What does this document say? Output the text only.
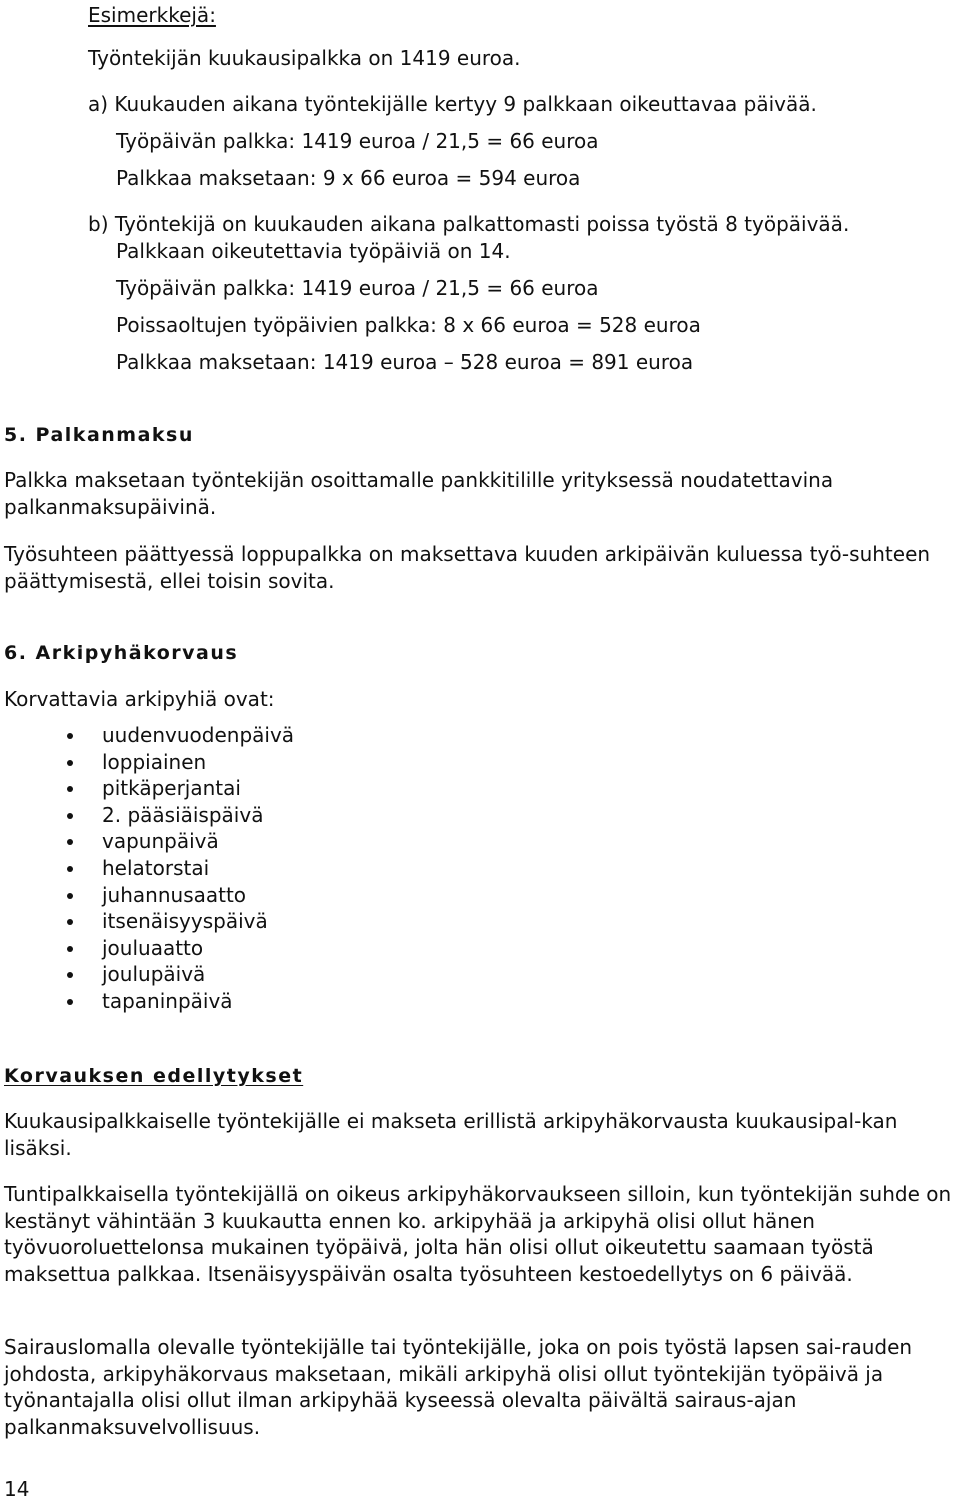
Esimerkkejä:
Työntekijän kuukausipalkka on 1419 euroa.
a) Kuukauden aikana työntekijälle kertyy 9 palkkaan oikeuttavaa päivää.
Työpäivän palkka: 1419 euroa / 21,5 = 66 euroa
Palkkaa maksetaan: 9 x 66 euroa = 594 euroa
b) Työntekijä on kuukauden aikana palkattomasti poissa työstä 8 työpäivää.
Palkkaan oikeutettavia työpäiviä on 14.
Työpäivän palkka: 1419 euroa / 21,5 = 66 euroa
Poissaoltujen työpäivien palkka: 8 x 66 euroa = 528 euroa
Palkkaa maksetaan: 1419 euroa – 528 euroa = 891 euroa
5. Palkanmaksu

Palkka maksetaan työntekijän osoittamalle pankkitilille yrityksessä noudatettavina palkanmaksupäivinä.

Työsuhteen päättyessä loppupalkka on maksettava kuuden arkipäivän kuluessa työ-suhteen päättymisestä, ellei toisin sovita.

6. Arkipyhäkorvaus
Korvattavia arkipyhiä ovat:
uudenvuodenpäivä
loppiainen
pitkäperjantai
2. pääsiäispäivä
vapunpäivä
helatorstai
juhannusaatto
itsenäisyyspäivä
jouluaatto
joulupäivä
tapaninpäivä
Korvauksen edellytykset

Kuukausipalkkaiselle työntekijälle ei makseta erillistä arkipyhäkorvausta kuukausipal-kan lisäksi.

Tuntipalkkaisella työntekijällä on oikeus arkipyhäkorvaukseen silloin, kun työntekijän suhde on kestänyt vähintään 3 kuukautta ennen ko. arkipyhää ja arkipyhä olisi ollut hänen työvuoroluettelonsa mukainen työpäivä, jolta hän olisi ollut oikeutettu saamaan työstä maksettua palkkaa. Itsenäisyyspäivän osalta työsuhteen kestoedellytys on 6 päivää.

Sairauslomalla olevalle työntekijälle tai työntekijälle, joka on pois työstä lapsen sai-rauden johdosta, arkipyhäkorvaus maksetaan, mikäli arkipyhä olisi ollut työntekijän työpäivä ja työnantajalla olisi ollut ilman arkipyhää kyseessä olevalta päivältä sairaus-ajan palkanmaksuvelvollisuus.

14
